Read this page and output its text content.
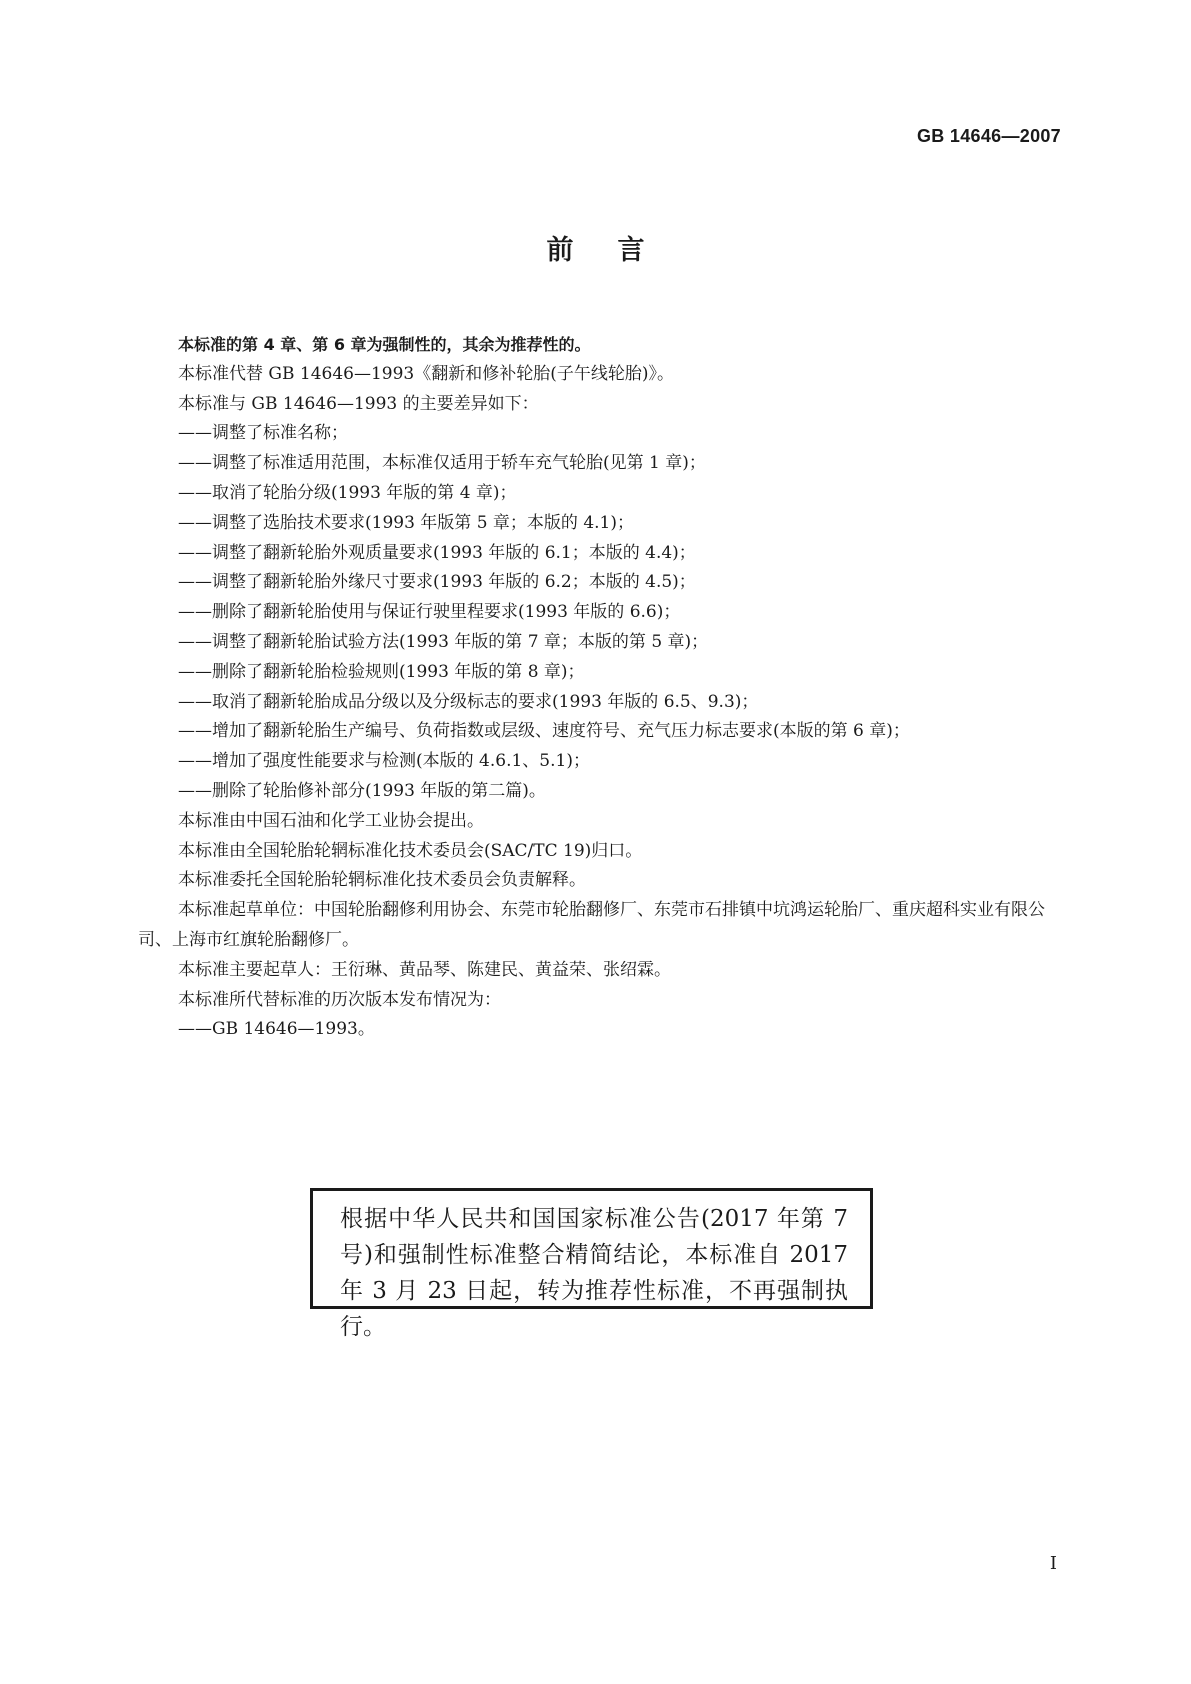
GB 14646—2007
前言
本标准的第 4 章、第 6 章为强制性的，其余为推荐性的。
本标准代替 GB 14646—1993《翻新和修补轮胎(子午线轮胎)》。
本标准与 GB 14646—1993 的主要差异如下：
——调整了标准名称；
——调整了标准适用范围，本标准仅适用于轿车充气轮胎(见第 1 章)；
——取消了轮胎分级(1993 年版的第 4 章)；
——调整了选胎技术要求(1993 年版第 5 章；本版的 4.1)；
——调整了翻新轮胎外观质量要求(1993 年版的 6.1；本版的 4.4)；
——调整了翻新轮胎外缘尺寸要求(1993 年版的 6.2；本版的 4.5)；
——删除了翻新轮胎使用与保证行驶里程要求(1993 年版的 6.6)；
——调整了翻新轮胎试验方法(1993 年版的第 7 章；本版的第 5 章)；
——删除了翻新轮胎检验规则(1993 年版的第 8 章)；
——取消了翻新轮胎成品分级以及分级标志的要求(1993 年版的 6.5、9.3)；
——增加了翻新轮胎生产编号、负荷指数或层级、速度符号、充气压力标志要求(本版的第 6 章)；
——增加了强度性能要求与检测(本版的 4.6.1、5.1)；
——删除了轮胎修补部分(1993 年版的第二篇)。
本标准由中国石油和化学工业协会提出。
本标准由全国轮胎轮辋标准化技术委员会(SAC/TC 19)归口。
本标准委托全国轮胎轮辋标准化技术委员会负责解释。
本标准起草单位：中国轮胎翻修利用协会、东莞市轮胎翻修厂、东莞市石排镇中坑鸿运轮胎厂、重庆超科实业有限公司、上海市红旗轮胎翻修厂。
本标准主要起草人：王衍琳、黄品琴、陈建民、黄益荣、张绍霖。
本标准所代替标准的历次版本发布情况为：
——GB 14646—1993。
根据中华人民共和国国家标准公告(2017 年第 7 号)和强制性标准整合精简结论，本标准自 2017 年 3 月 23 日起，转为推荐性标准，不再强制执行。
I
